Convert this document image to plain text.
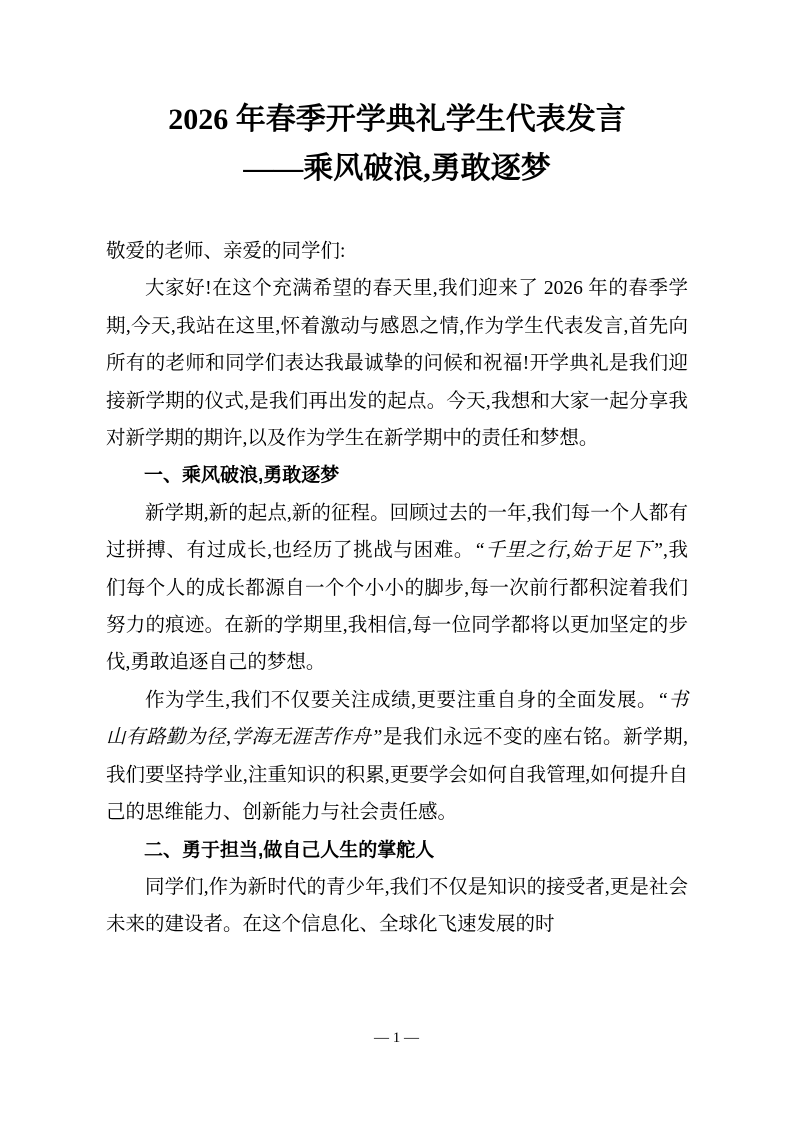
2026 年春季开学典礼学生代表发言
——乘风破浪,勇敢逐梦

敬爱的老师、亲爱的同学们:

大家好!在这个充满希望的春天里,我们迎来了 2026 年的春季学期,今天,我站在这里,怀着激动与感恩之情,作为学生代表发言,首先向所有的老师和同学们表达我最诚挚的问候和祝福!开学典礼是我们迎接新学期的仪式,是我们再出发的起点。今天,我想和大家一起分享我对新学期的期许,以及作为学生在新学期中的责任和梦想。

一、乘风破浪,勇敢逐梦

新学期,新的起点,新的征程。回顾过去的一年,我们每一个人都有过拼搏、有过成长,也经历了挑战与困难。“千里之行,始于足下”,我们每个人的成长都源自一个个小小的脚步,每一次前行都积淀着我们努力的痕迹。在新的学期里,我相信,每一位同学都将以更加坚定的步伐,勇敢追逐自己的梦想。

作为学生,我们不仅要关注成绩,更要注重自身的全面发展。“书山有路勤为径,学海无涯苦作舟”是我们永远不变的座右铭。新学期,我们要坚持学业,注重知识的积累,更要学会如何自我管理,如何提升自己的思维能力、创新能力与社会责任感。

二、勇于担当,做自己人生的掌舵人

同学们,作为新时代的青少年,我们不仅是知识的接受者,更是社会未来的建设者。在这个信息化、全球化飞速发展的时

— 1 —
